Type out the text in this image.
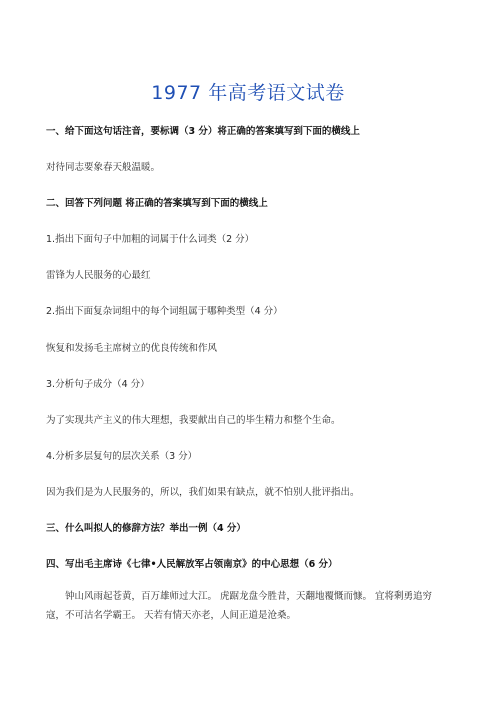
1977 年高考语文试卷
一、给下面这句话注音，要标调（3 分）将正确的答案填写到下面的横线上
对待同志要象春天般温暖。
二、回答下列问题 将正确的答案填写到下面的横线上
1.指出下面句子中加粗的词属于什么词类（2 分）
雷锋为人民服务的心最红
2.指出下面复杂词组中的每个词组属于哪种类型（4 分）
恢复和发扬毛主席树立的优良传统和作风
3.分析句子成分（4 分）
为了实现共产主义的伟大理想，我要献出自己的毕生精力和整个生命。
4.分析多层复句的层次关系（3 分）
因为我们是为人民服务的，所以，我们如果有缺点，就不怕别人批评指出。
三、什么叫拟人的修辞方法？举出一例（4 分）
四、写出毛主席诗《七律•人民解放军占领南京》的中心思想（6 分）
钟山风雨起苍黄，百万雄师过大江。 虎踞龙盘今胜昔，天翻地覆慨而慷。 宜将剩勇追穷寇，不可沽名学霸王。 天若有情天亦老，人间正道是沧桑。
